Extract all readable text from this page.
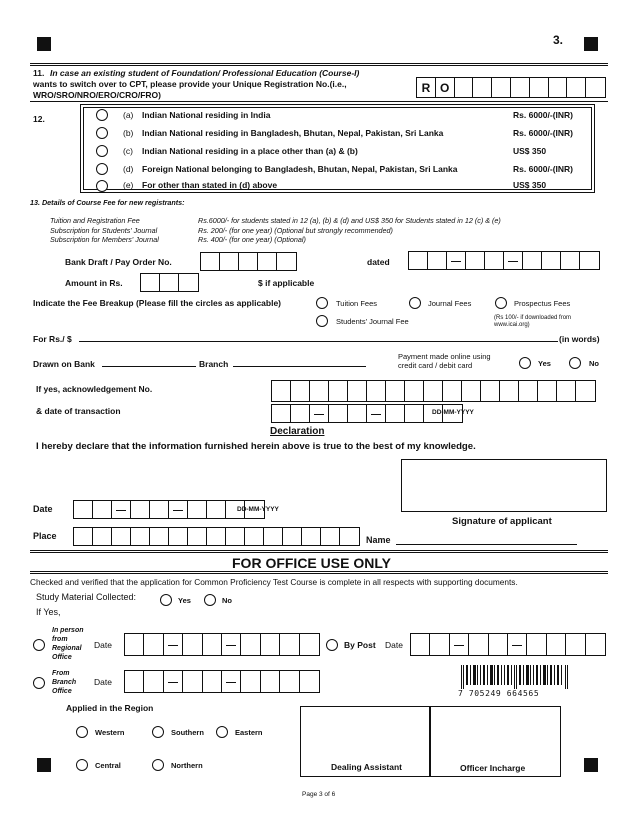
3.
11. In case an existing student of Foundation/ Professional Education (Course-I)
wants to switch over to CPT, please provide your Unique Registration No.(i.e.,
WRO/SRO/NRO/ERO/CRO/FRO)
R O
12.	(a) Indian National residing in India	Rs. 6000/-(INR)
(b) Indian National residing in Bangladesh, Bhutan, Nepal, Pakistan, Sri Lanka	Rs. 6000/-(INR)
(c) Indian National residing in a place other than (a) & (b)	US$ 350
(d) Foreign National belonging to Bangladesh, Bhutan, Nepal, Pakistan, Sri Lanka	Rs. 6000/-(INR)
(e) For other than stated in (d) above	US$ 350
13. Details of Course Fee for new registrants:
Tuition and Registration Fee	Rs.6000/- for students stated in 12 (a), (b) & (d) and US$ 350 for Students stated in 12 (c) & (e)
Subscription for Students' Journal	Rs. 200/- (for one year) (Optional but strongly recommended)
Subscription for Members' Journal	Rs. 400/- (for one year) (Optional)
Bank Draft / Pay Order No.	dated
Amount in Rs.	$ if applicable
Indicate the Fee Breakup (Please fill the circles as applicable)	Tuition Fees	Journal Fees	Prospectus Fees
Students' Journal Fee	(Rs 100/- if downloaded from
www.icai.org)
For Rs./ $	(in words)
Drawn on Bank	Branch
Payment made online using
credit card / debit card	Yes	No
If yes, acknowledgement No.
& date of transaction	DD-MM-YYYY
Declaration
I hereby declare that the information furnished herein above is true to the best of my knowledge.
Date	DD-MM-YYYY
Signature of applicant
Place	Name
FOR OFFICE USE ONLY
Checked and verified that the application for Common Proficiency Test Course is complete in all respects with supporting documents.
Study Material Collected:	Yes	No
If Yes,
In person
from
Regional
Office
Date	By Post Date
From
Branch
Office
Date
7 705249 664565
Applied in the Region
Western	Southern	Eastern
Central	Northern	Dealing Assistant	Officer Incharge
Page 3 of 6
